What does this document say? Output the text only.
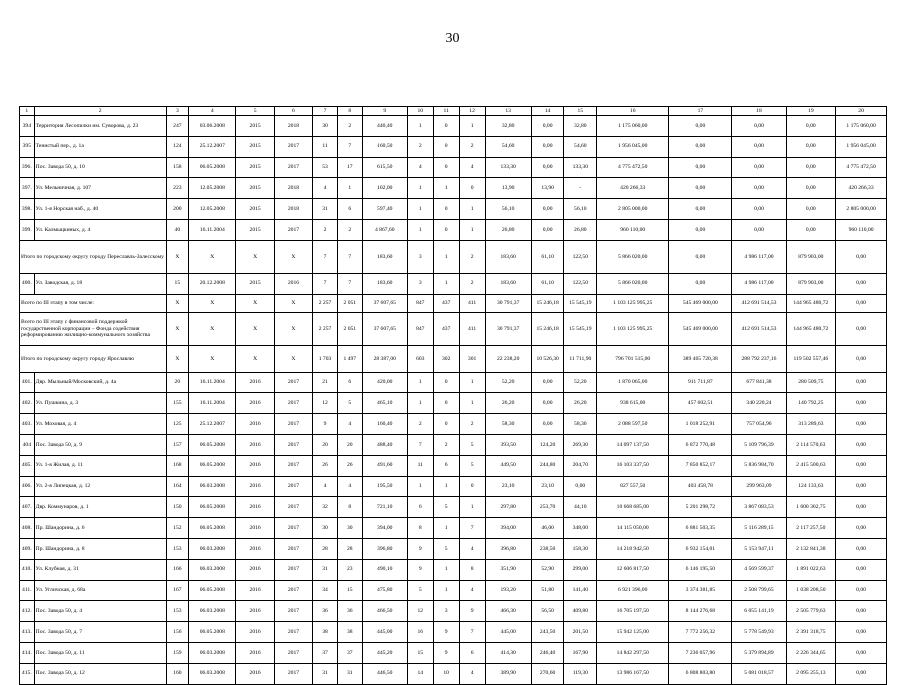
30
1	2	3	4	5	6	7	8	9	10	11	12	13	14	15	16	17	18	19	20
394	Территория Лесопилки им. Суворова, д. 23	247	03.06.2008	2015	2018	30	2	440,40	1	0	1	32,80	0,00	32,80	1 175 060,00	0,00	0,00	0,00	1 175 060,00
395	Тенистый пер., д. 1а	124	25.12.2007	2015	2017	11	7	160,50	2	0	2	54,60	0,00	54,60	1 956 045,00	0,00	0,00	0,00	1 956 045,00
396.	Пос. Завода 50, д. 10	158	06.05.2008	2015	2017	53	17	615,50	4	0	4	133,30	0,00	133,30	4 775 472,50	0,00	0,00	0,00	4 775 472,50
397.	Ул. Мельничная, д. 107	223	12.05.2008	2015	2018	4	1	102,00	1	1	0	13,90	13,90	-	420 266,33	0,00	0,00	0,00	420 266,33
398.	Ул. 1-я Норская наб., д. 40	200	12.05.2008	2015	2018	31	6	597,40	1	0	1	56,10	0,00	56,10	2 805 000,00	0,00	0,00	0,00	2 805 000,00
399.	Ул. Калмыцкиных, д. 4	40	16.11.2004	2015	2017	2	2	4 867,60	1	0	1	26,80	0,00	26,80	960 110,00	0,00	0,00	0,00	960 110,00
Итого по городскому округу городу Переславль-Залесскому		X	X	X	X	7	7	183,60	3	1	2	183,60	61,10	122,50	5 866 020,00	0,00	4 986 117,00	879 903,00	0,00
400.	Ул. Заводская, д. 18	15	20.12.2008	2015	2016	7	7	183,60	3	1	2	183,60	61,10	122,50	5 866 020,00	0,00	4 986 117,00	879 903,00	0,00
Всего по III этапу в том числе:		X	X	X	X	2 257	2 051	37 607,65	847	437	411	30 791,37	15 246,18	15 545,19	1 103 125 995,25	545 469 000,00	412 691 514,53	144 965 480,72	0,00
Всего по III этапу с финансовой поддержкой государственной корпорации – Фонда содействия реформированию жилищно-коммунального хозяйства		X	X	X	X	2 257	2 051	37 607,65	847	437	411	30 791,37	15 246,18	15 545,19	1 103 125 995,25	545 469 000,00	412 691 514,53	144 965 480,72	0,00
Итого по городскому округу городу Ярославлю		X	X	X	X	1 703	1 497	28 387,00	603	302	301	22 238,20	10 526,30	11 711,90	796 701 515,00	389 465 720,38	288 792 237,16	119 502 557,46	0,00
401.	Двр. Мыльный/Московский, д. 4а	20	16.11.2004	2016	2017	21	6	420,00	1	0	1	52,20	0,00	52,20	1 870 065,00	911 711,87	677 841,38	280 509,75	0,00
402.	Ул. Пушкина, д. 3	155	16.11.2004	2016	2017	12	5	465,10	1	0	1	26,20	0,00	26,20	938 615,00	457 602,51	340 220,24	140 792,25	0,00
403.	Ул. Моховая, д. 4	125	25.12.2007	2016	2017	9	4	160,40	2	0	2	58,30	0,00	58,30	2 088 597,50	1 018 252,91	757 054,96	313 289,63	0,00
404	Пос. Завода 50, д. 9	157	06.05.2008	2016	2017	20	20	488,40	7	2	5	393,50	124,20	269,30	14 097 137,50	6 872 770,48	5 109 796,39	2 114 570,63	0,00
405.	Ул. 1-я Жилая, д. 11	168	06.05.2008	2016	2017	26	26	491,60	11	6	5	449,50	244,80	204,70	16 103 337,50	7 850 852,17	5 836 984,70	2 415 500,63	0,00
406.	Ул. 2-я Липецкая, д. 12	164	06.03.2008	2016	2017	4	4	195,50	1	1	0	23,10	23,10	0,00	827 557,50	403 458,78	299 963,09	124 133,63	0,00
407.	Двр. Коммунаров, д. 1	150	06.05.2008	2016	2017	32	8	721,10	6	5	1	297,80	253,70	44,10	10 668 685,00	5 201 298,72	3 867 083,53	1 600 302,75	0,00
408.	Пр. Шандорина, д. 6	152	06.05.2008	2016	2017	30	30	394,00	8	1	7	394,00	46,00	348,00	14 115 050,00	6 881 503,35	5 116 289,15	2 117 257,50	0,00
409.	Пр. Шандорина, д. 8	153	06.03.2008	2016	2017	28	28	396,80	9	5	4	396,80	238,50	158,30	14 218 942,50	6 932 154,01	5 153 947,11	2 132 841,38	0,00
410.	Ул. Клубная, д. 31	166	06.03.2008	2016	2017	31	23	490,10	9	1	8	351,90	52,90	299,00	12 606 817,50	6 146 195,50	4 569 599,37	1 891 022,63	0,00
411.	Ул. Угличская, д. 68а	167	06.05.2008	2016	2017	34	15	475,80	5	1	4	193,20	51,80	141,40	6 921 396,00	3 374 381,85	2 508 799,65	1 038 208,50	0,00
412.	Пос. Завода 50, д. 4	153	06.03.2008	2016	2017	36	36	466,50	12	3	9	466,30	56,50	409,80	16 705 197,50	8 144 276,68	6 055 141,19	2 505 779,63	0,00
413.	Пос. Завода 50, д. 7	156	06.05.2008	2016	2017	38	38	445,00	16	9	7	445,00	243,50	201,50	15 942 125,00	7 772 256,32	5 778 549,93	2 391 318,75	0,00
414.	Пос. Завода 50, д. 11	159	06.03.2008	2016	2017	37	37	445,20	15	9	6	414,30	246,40	167,90	14 842 297,50	7 236 057,96	5 379 894,89	2 226 344,65	0,00
415.	Пос. Завода 50, д. 12	160	06.03.2008	2016	2017	31	31	446,50	14	10	4	389,90	270,60	119,30	13 986 167,50	6 808 803,80	5 081 018,57	2 095 255,13	0,00
